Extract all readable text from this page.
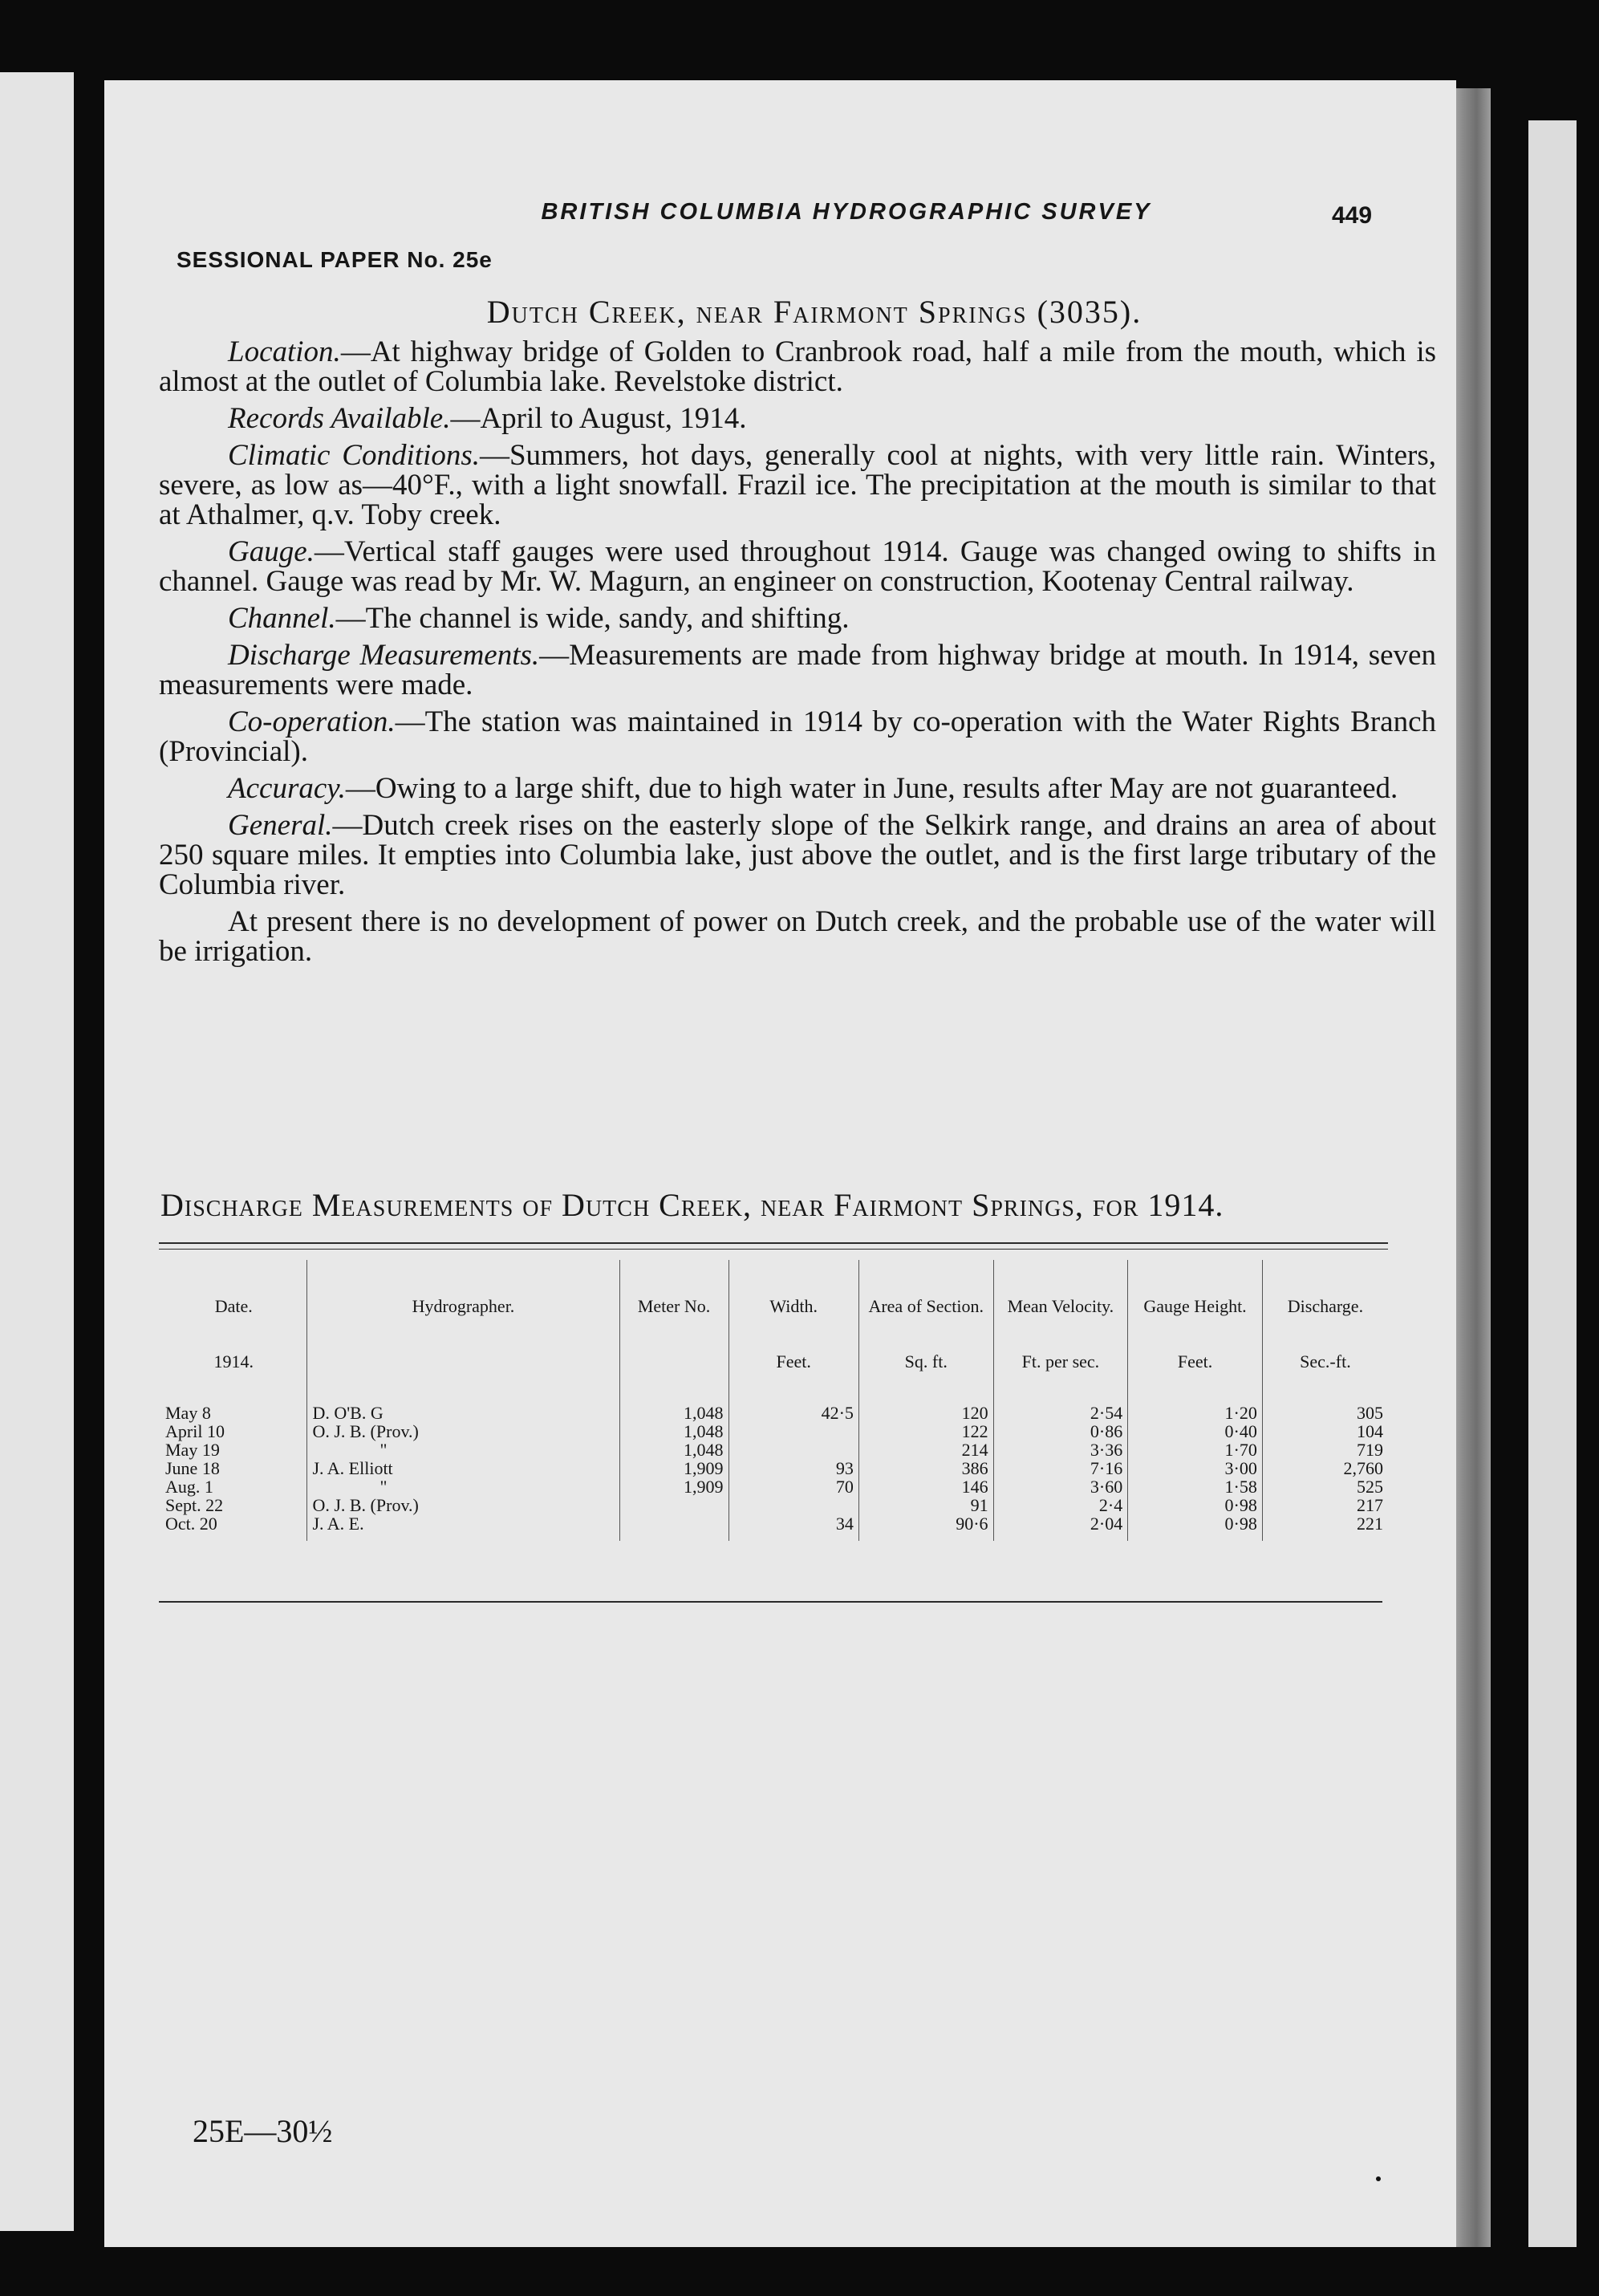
BRITISH COLUMBIA HYDROGRAPHIC SURVEY	449
SESSIONAL PAPER No. 25e
Dutch Creek, near Fairmont Springs (3035).

Location.—At highway bridge of Golden to Cranbrook road, half a mile from the mouth, which is almost at the outlet of Columbia lake. Revelstoke district.

Records Available.—April to August, 1914.

Climatic Conditions.—Summers, hot days, generally cool at nights, with very little rain. Winters, severe, as low as—40°F., with a light snowfall. Frazil ice. The precipitation at the mouth is similar to that at Athalmer, q.v. Toby creek.

Gauge.—Vertical staff gauges were used throughout 1914. Gauge was changed owing to shifts in channel. Gauge was read by Mr. W. Magurn, an engineer on construction, Kootenay Central railway.

Channel.—The channel is wide, sandy, and shifting.

Discharge Measurements.—Measurements are made from highway bridge at mouth. In 1914, seven measurements were made.

Co-operation.—The station was maintained in 1914 by co-operation with the Water Rights Branch (Provincial).

Accuracy.—Owing to a large shift, due to high water in June, results after May are not guaranteed.

General.—Dutch creek rises on the easterly slope of the Selkirk range, and drains an area of about 250 square miles. It empties into Columbia lake, just above the outlet, and is the first large tributary of the Columbia river.

At present there is no development of power on Dutch creek, and the probable use of the water will be irrigation.

Discharge Measurements of Dutch Creek, near Fairmont Springs, for 1914.
Date.	Hydrographer.	Meter No.	Width.	Area of Section.	Mean Velocity.	Gauge Height.	Discharge.
1914.			Feet.	Sq. ft.	Ft. per sec.	Feet.	Sec.-ft.
May 8	D. O'B. G	1,048	42·5	120	2·54	1·20	305
April 10	O. J. B. (Prov.)	1,048		122	0·86	0·40	104
May 19	"	1,048		214	3·36	1·70	719
June 18	J. A. Elliott	1,909	93	386	7·16	3·00	2,760
Aug. 1	"	1,909	70	146	3·60	1·58	525
Sept. 22	O. J. B. (Prov.)			91	2·4	0·98	217
Oct. 20	J. A. E.		34	90·6	2·04	0·98	221
25E—30½
